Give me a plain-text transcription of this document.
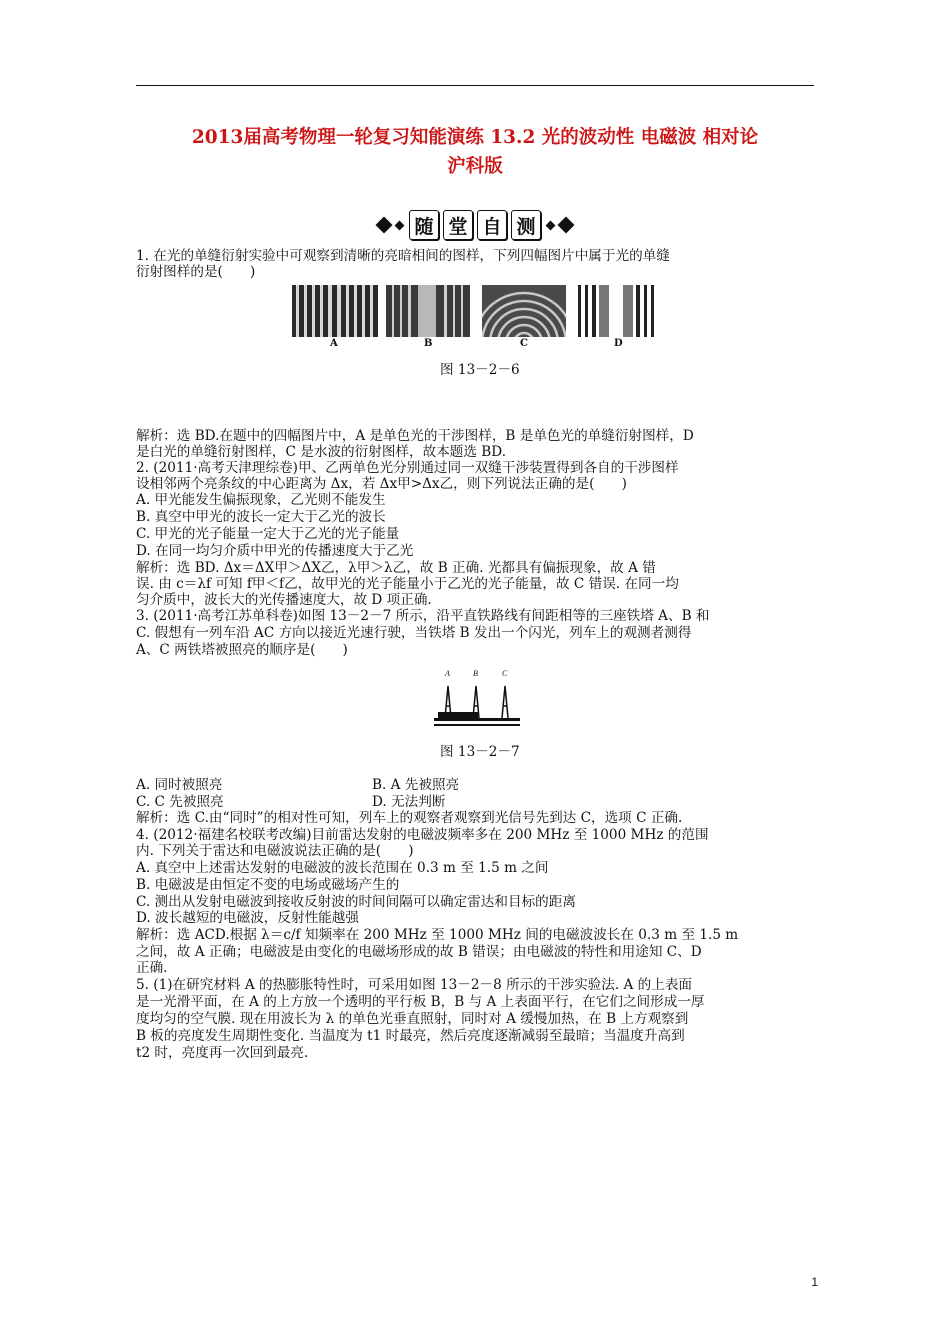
2013届高考物理一轮复习知能演练 13.2 光的波动性 电磁波 相对论
沪科版
随 堂 自 测
1. 在光的单缝衍射实验中可观察到清晰的亮暗相间的图样，下列四幅图片中属于光的单缝
衍射图样的是(　　)
A	B	C	D
图 13－2－6
解析：选 BD.在题中的四幅图片中，A 是单色光的干涉图样，B 是单色光的单缝衍射图样，D
是白光的单缝衍射图样，C 是水波的衍射图样，故本题选 BD.
2. (2011·高考天津理综卷)甲、乙两单色光分别通过同一双缝干涉装置得到各自的干涉图样
设相邻两个亮条纹的中心距离为 Δx，若 Δx甲>Δx乙，则下列说法正确的是(　　)
A. 甲光能发生偏振现象，乙光则不能发生
B. 真空中甲光的波长一定大于乙光的波长
C. 甲光的光子能量一定大于乙光的光子能量
D. 在同一均匀介质中甲光的传播速度大于乙光
解析：选 BD. Δx＝ΔX甲＞ΔX乙，λ甲＞λ乙，故 B 正确. 光都具有偏振现象，故 A 错
误. 由 c＝λf 可知 f甲＜f乙，故甲光的光子能量小于乙光的光子能量，故 C 错误. 在同一均
匀介质中，波长大的光传播速度大，故 D 项正确.
3. (2011·高考江苏单科卷)如图 13－2－7 所示，沿平直铁路线有间距相等的三座铁塔 A、B 和
C. 假想有一列车沿 AC 方向以接近光速行驶，当铁塔 B 发出一个闪光，列车上的观测者测得
A、C 两铁塔被照亮的顺序是(　　)
A	B	C
图 13－2－7
A. 同时被照亮	B. A 先被照亮
C. C 先被照亮	D. 无法判断
解析：选 C.由“同时”的相对性可知，列车上的观察者观察到光信号先到达 C，选项 C 正确.
4. (2012·福建名校联考改编)目前雷达发射的电磁波频率多在 200 MHz 至 1000 MHz 的范围
内. 下列关于雷达和电磁波说法正确的是(　　)
A. 真空中上述雷达发射的电磁波的波长范围在 0.3 m 至 1.5 m 之间
B. 电磁波是由恒定不变的电场或磁场产生的
C. 测出从发射电磁波到接收反射波的时间间隔可以确定雷达和目标的距离
D. 波长越短的电磁波，反射性能越强
解析：选 ACD.根据 λ＝c/f 知频率在 200 MHz 至 1000 MHz 间的电磁波波长在 0.3 m 至 1.5 m
之间，故 A 正确；电磁波是由变化的电磁场形成的故 B 错误；由电磁波的特性和用途知 C、D
正确.
5. (1)在研究材料 A 的热膨胀特性时，可采用如图 13－2－8 所示的干涉实验法. A 的上表面
是一光滑平面，在 A 的上方放一个透明的平行板 B，B 与 A 上表面平行，在它们之间形成一厚
度均匀的空气膜. 现在用波长为 λ 的单色光垂直照射，同时对 A 缓慢加热，在 B 上方观察到
B 板的亮度发生周期性变化. 当温度为 t1 时最亮，然后亮度逐渐减弱至最暗；当温度升高到
t2 时，亮度再一次回到最亮.
1
